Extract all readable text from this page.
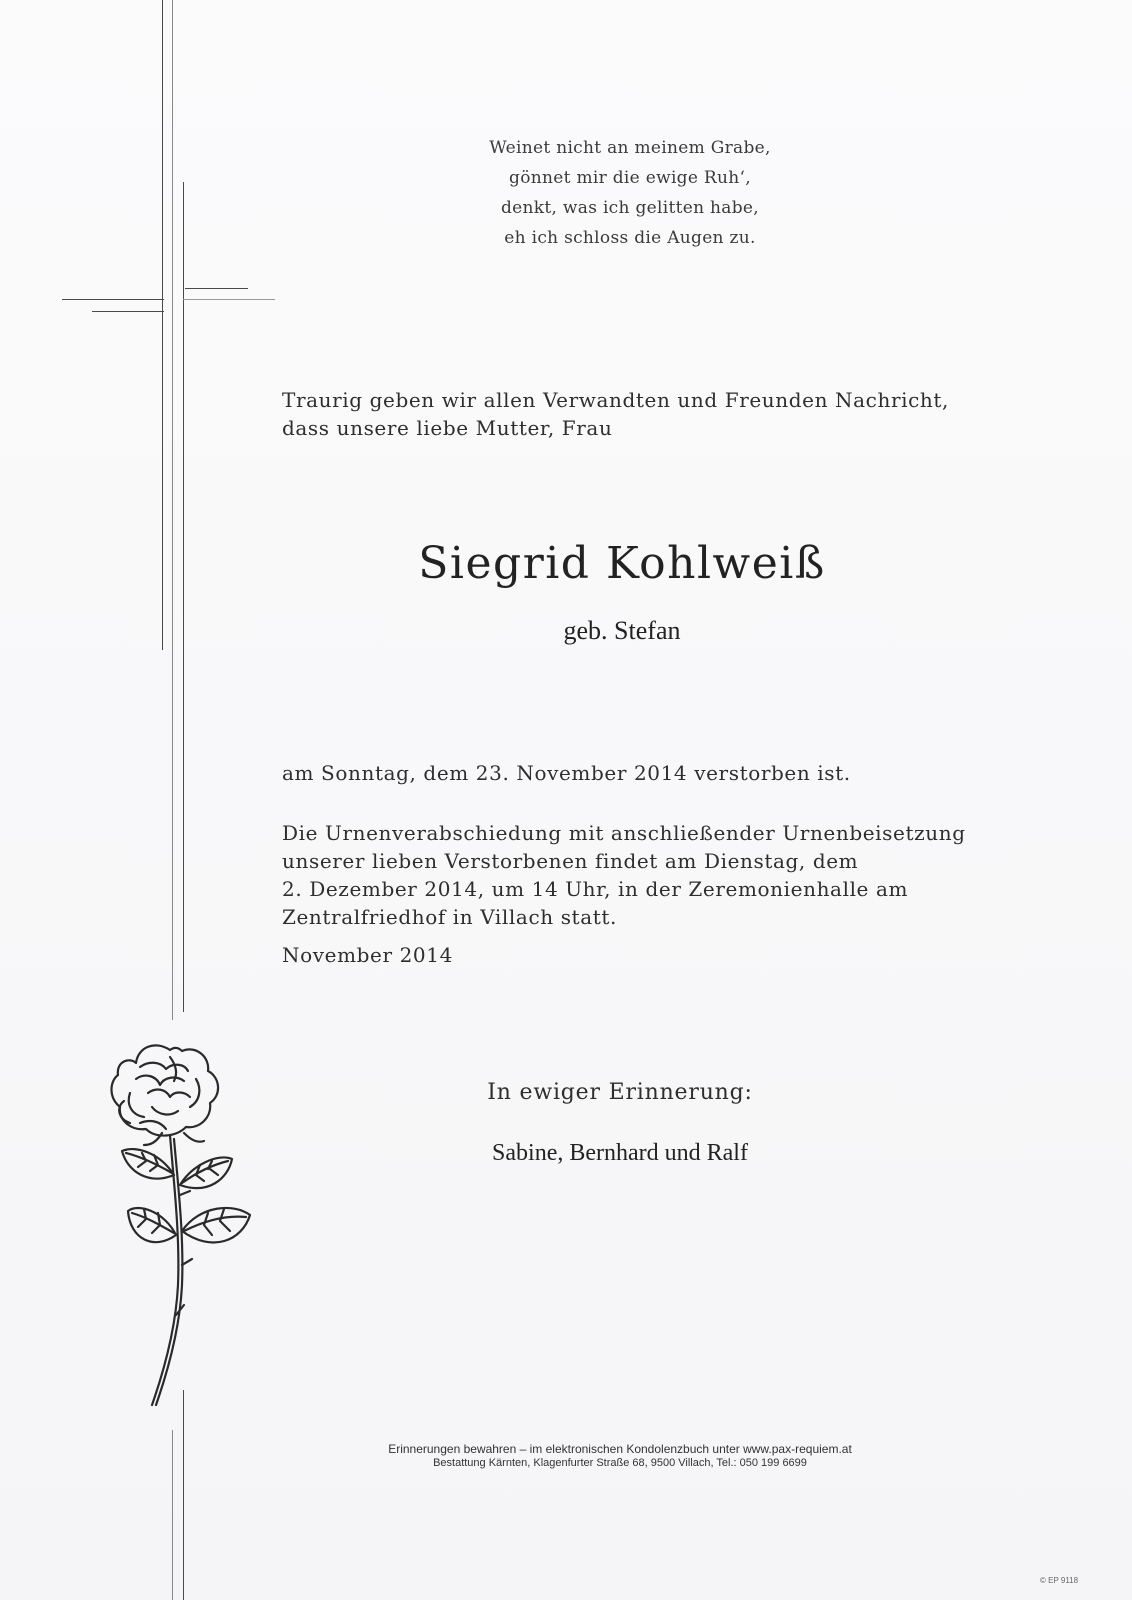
Weinet nicht an meinem Grabe,
gönnet mir die ewige Ruh‘,
denkt, was ich gelitten habe,
eh ich schloss die Augen zu.
Traurig geben wir allen Verwandten und Freunden Nachricht,
dass unsere liebe Mutter, Frau
Siegrid Kohlweiß
geb. Stefan
am Sonntag, dem 23. November 2014 verstorben ist.
Die Urnenverabschiedung mit anschließender Urnenbeisetzung
unserer lieben Verstorbenen findet am Dienstag, dem
2. Dezember 2014, um 14 Uhr, in der Zeremonienhalle am
Zentralfriedhof in Villach statt.
November 2014
In ewiger Erinnerung:
Sabine, Bernhard und Ralf
Erinnerungen bewahren – im elektronischen Kondolenzbuch unter www.pax-requiem.at
Bestattung Kärnten, Klagenfurter Straße 68, 9500 Villach, Tel.: 050 199 6699
© EP 9118
